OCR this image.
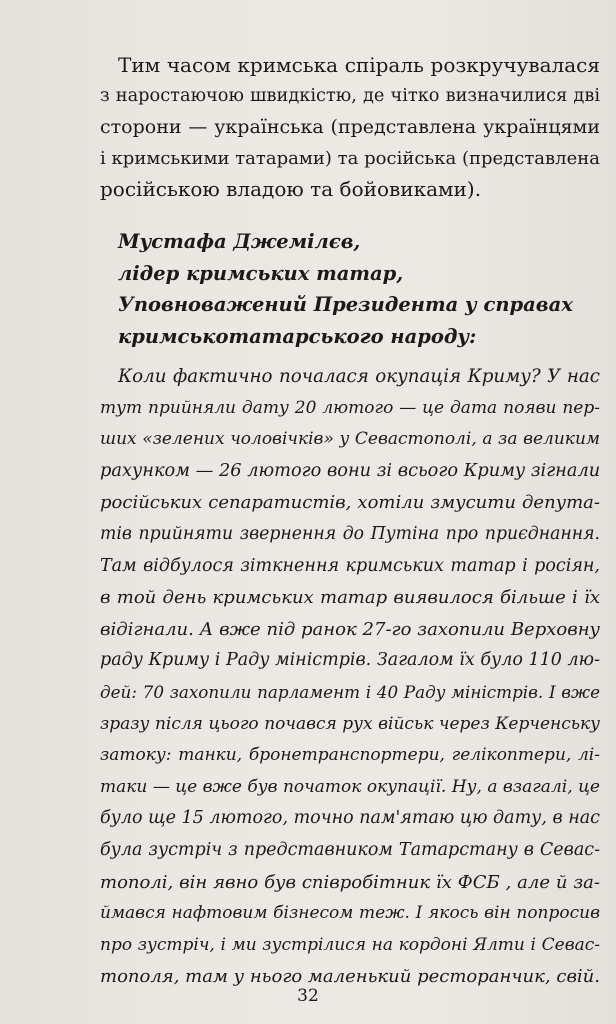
Тим часом кримська спіраль розкручувалася
з наростаючою швидкістю, де чітко визначилися дві
сторони — українська (представлена українцями
і кримськими татарами) та російська (представлена
російською владою та бойовиками).
Мустафа Джемілєв,
лідер кримських татар,
Уповноважений Президента у справах
кримськотатарського народу:
Коли фактично почалася окупація Криму? У нас
тут прийняли дату 20 лютого — це дата появи пер-
ших «зелених чоловічків» у Севастополі, а за великим
рахунком — 26 лютого вони зі всього Криму зігнали
російських сепаратистів, хотіли змусити депута-
тів прийняти звернення до Путіна про приєднання.
Там відбулося зіткнення кримських татар і росіян,
в той день кримських татар виявилося більше і їх
відігнали. А вже під ранок 27-го захопили Верховну
раду Криму і Раду міністрів. Загалом їх було 110 лю-
дей: 70 захопили парламент і 40 Раду міністрів. І вже
зразу після цього почався рух військ через Керченську
затоку: танки, бронетранспортери, гелікоптери, лі-
таки — це вже був початок окупації. Ну, а взагалі, це
було ще 15 лютого, точно пам'ятаю цю дату, в нас
була зустріч з представником Татарстану в Севас-
тополі, він явно був співробітник їх ФСБ , але й за-
ймався нафтовим бізнесом теж. І якось він попросив
про зустріч, і ми зустрілися на кордоні Ялти і Севас-
тополя, там у нього маленький ресторанчик, свій.
32
